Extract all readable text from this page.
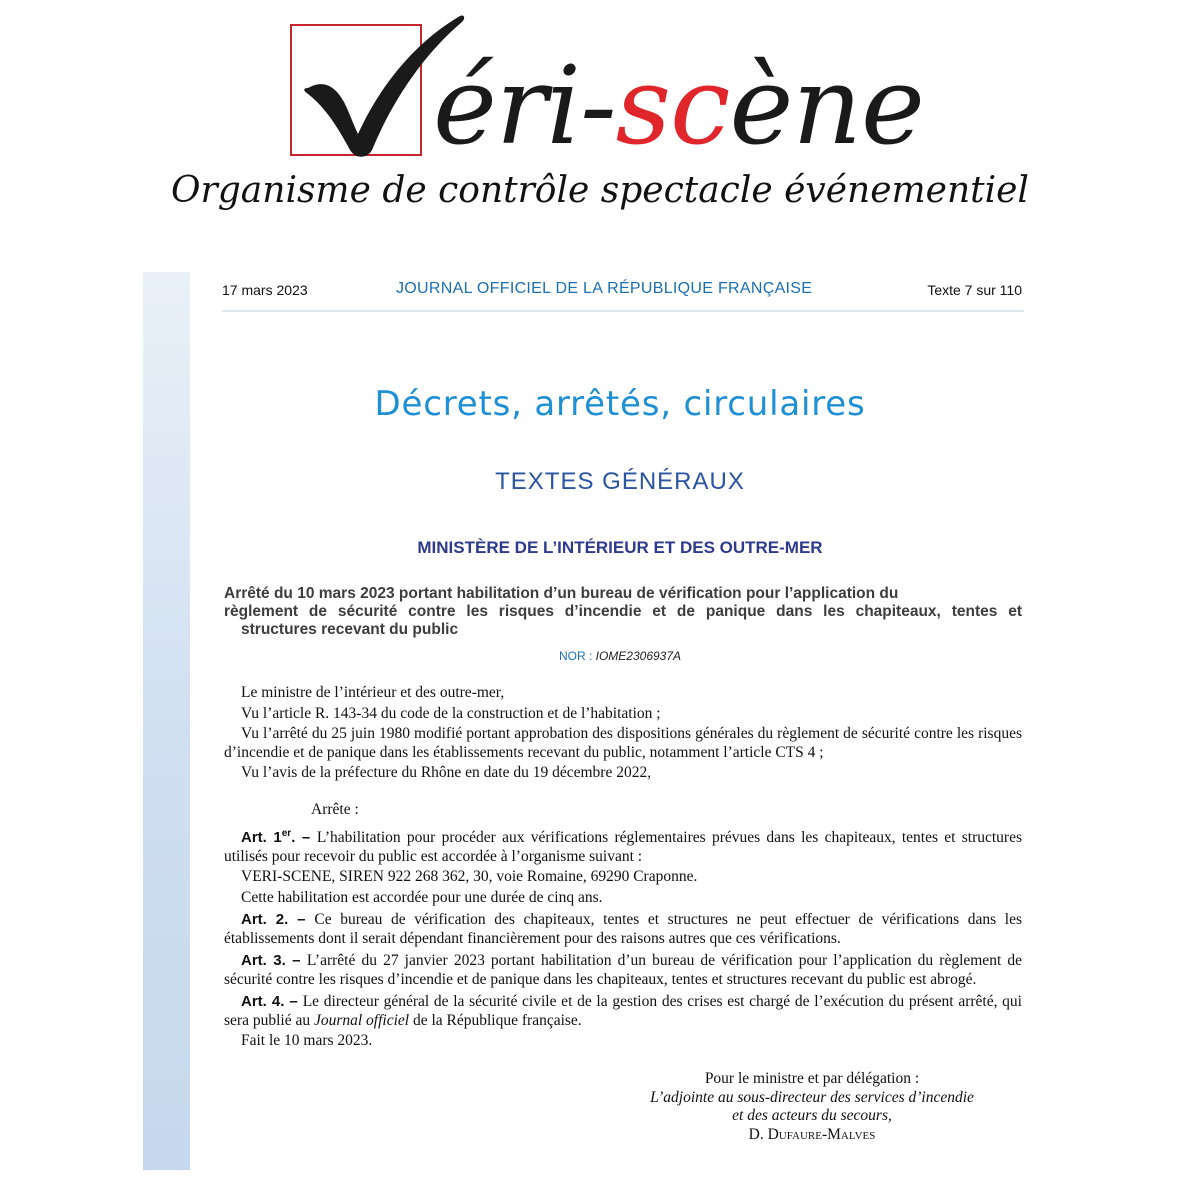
éri-scène
Organisme de contrôle spectacle événementiel
17 mars 2023	JOURNAL OFFICIEL DE LA RÉPUBLIQUE FRANÇAISE	Texte 7 sur 110
Décrets, arrêtés, circulaires
TEXTES GÉNÉRAUX
MINISTÈRE DE L’INTÉRIEUR ET DES OUTRE-MER
Arrêté du 10 mars 2023 portant habilitation d’un bureau de vérification pour l’application du
règlement de sécurité contre les risques d’incendie et de panique dans les chapiteaux, tentes et
structures recevant du public
NOR : IOME2306937A

Le ministre de l’intérieur et des outre-mer,

Vu l’article R. 143-34 du code de la construction et de l’habitation ;

Vu l’arrêté du 25 juin 1980 modifié portant approbation des dispositions générales du règlement de sécurité contre les risques d’incendie et de panique dans les établissements recevant du public, notamment l’article CTS 4 ;

Vu l’avis de la préfecture du Rhône en date du 19 décembre 2022,

Arrête :

Art. 1er. – L’habilitation pour procéder aux vérifications réglementaires prévues dans les chapiteaux, tentes et structures utilisés pour recevoir du public est accordée à l’organisme suivant :

VERI-SCENE, SIREN 922 268 362, 30, voie Romaine, 69290 Craponne.

Cette habilitation est accordée pour une durée de cinq ans.

Art. 2. – Ce bureau de vérification des chapiteaux, tentes et structures ne peut effectuer de vérifications dans les établissements dont il serait dépendant financièrement pour des raisons autres que ces vérifications.

Art. 3. – L’arrêté du 27 janvier 2023 portant habilitation d’un bureau de vérification pour l’application du règlement de sécurité contre les risques d’incendie et de panique dans les chapiteaux, tentes et structures recevant du public est abrogé.

Art. 4. – Le directeur général de la sécurité civile et de la gestion des crises est chargé de l’exécution du présent arrêté, qui sera publié au Journal officiel de la République française.

Fait le 10 mars 2023.

Pour le ministre et par délégation :
L’adjointe au sous-directeur des services d’incendie
et des acteurs du secours,
D. Dufaure-Malves
